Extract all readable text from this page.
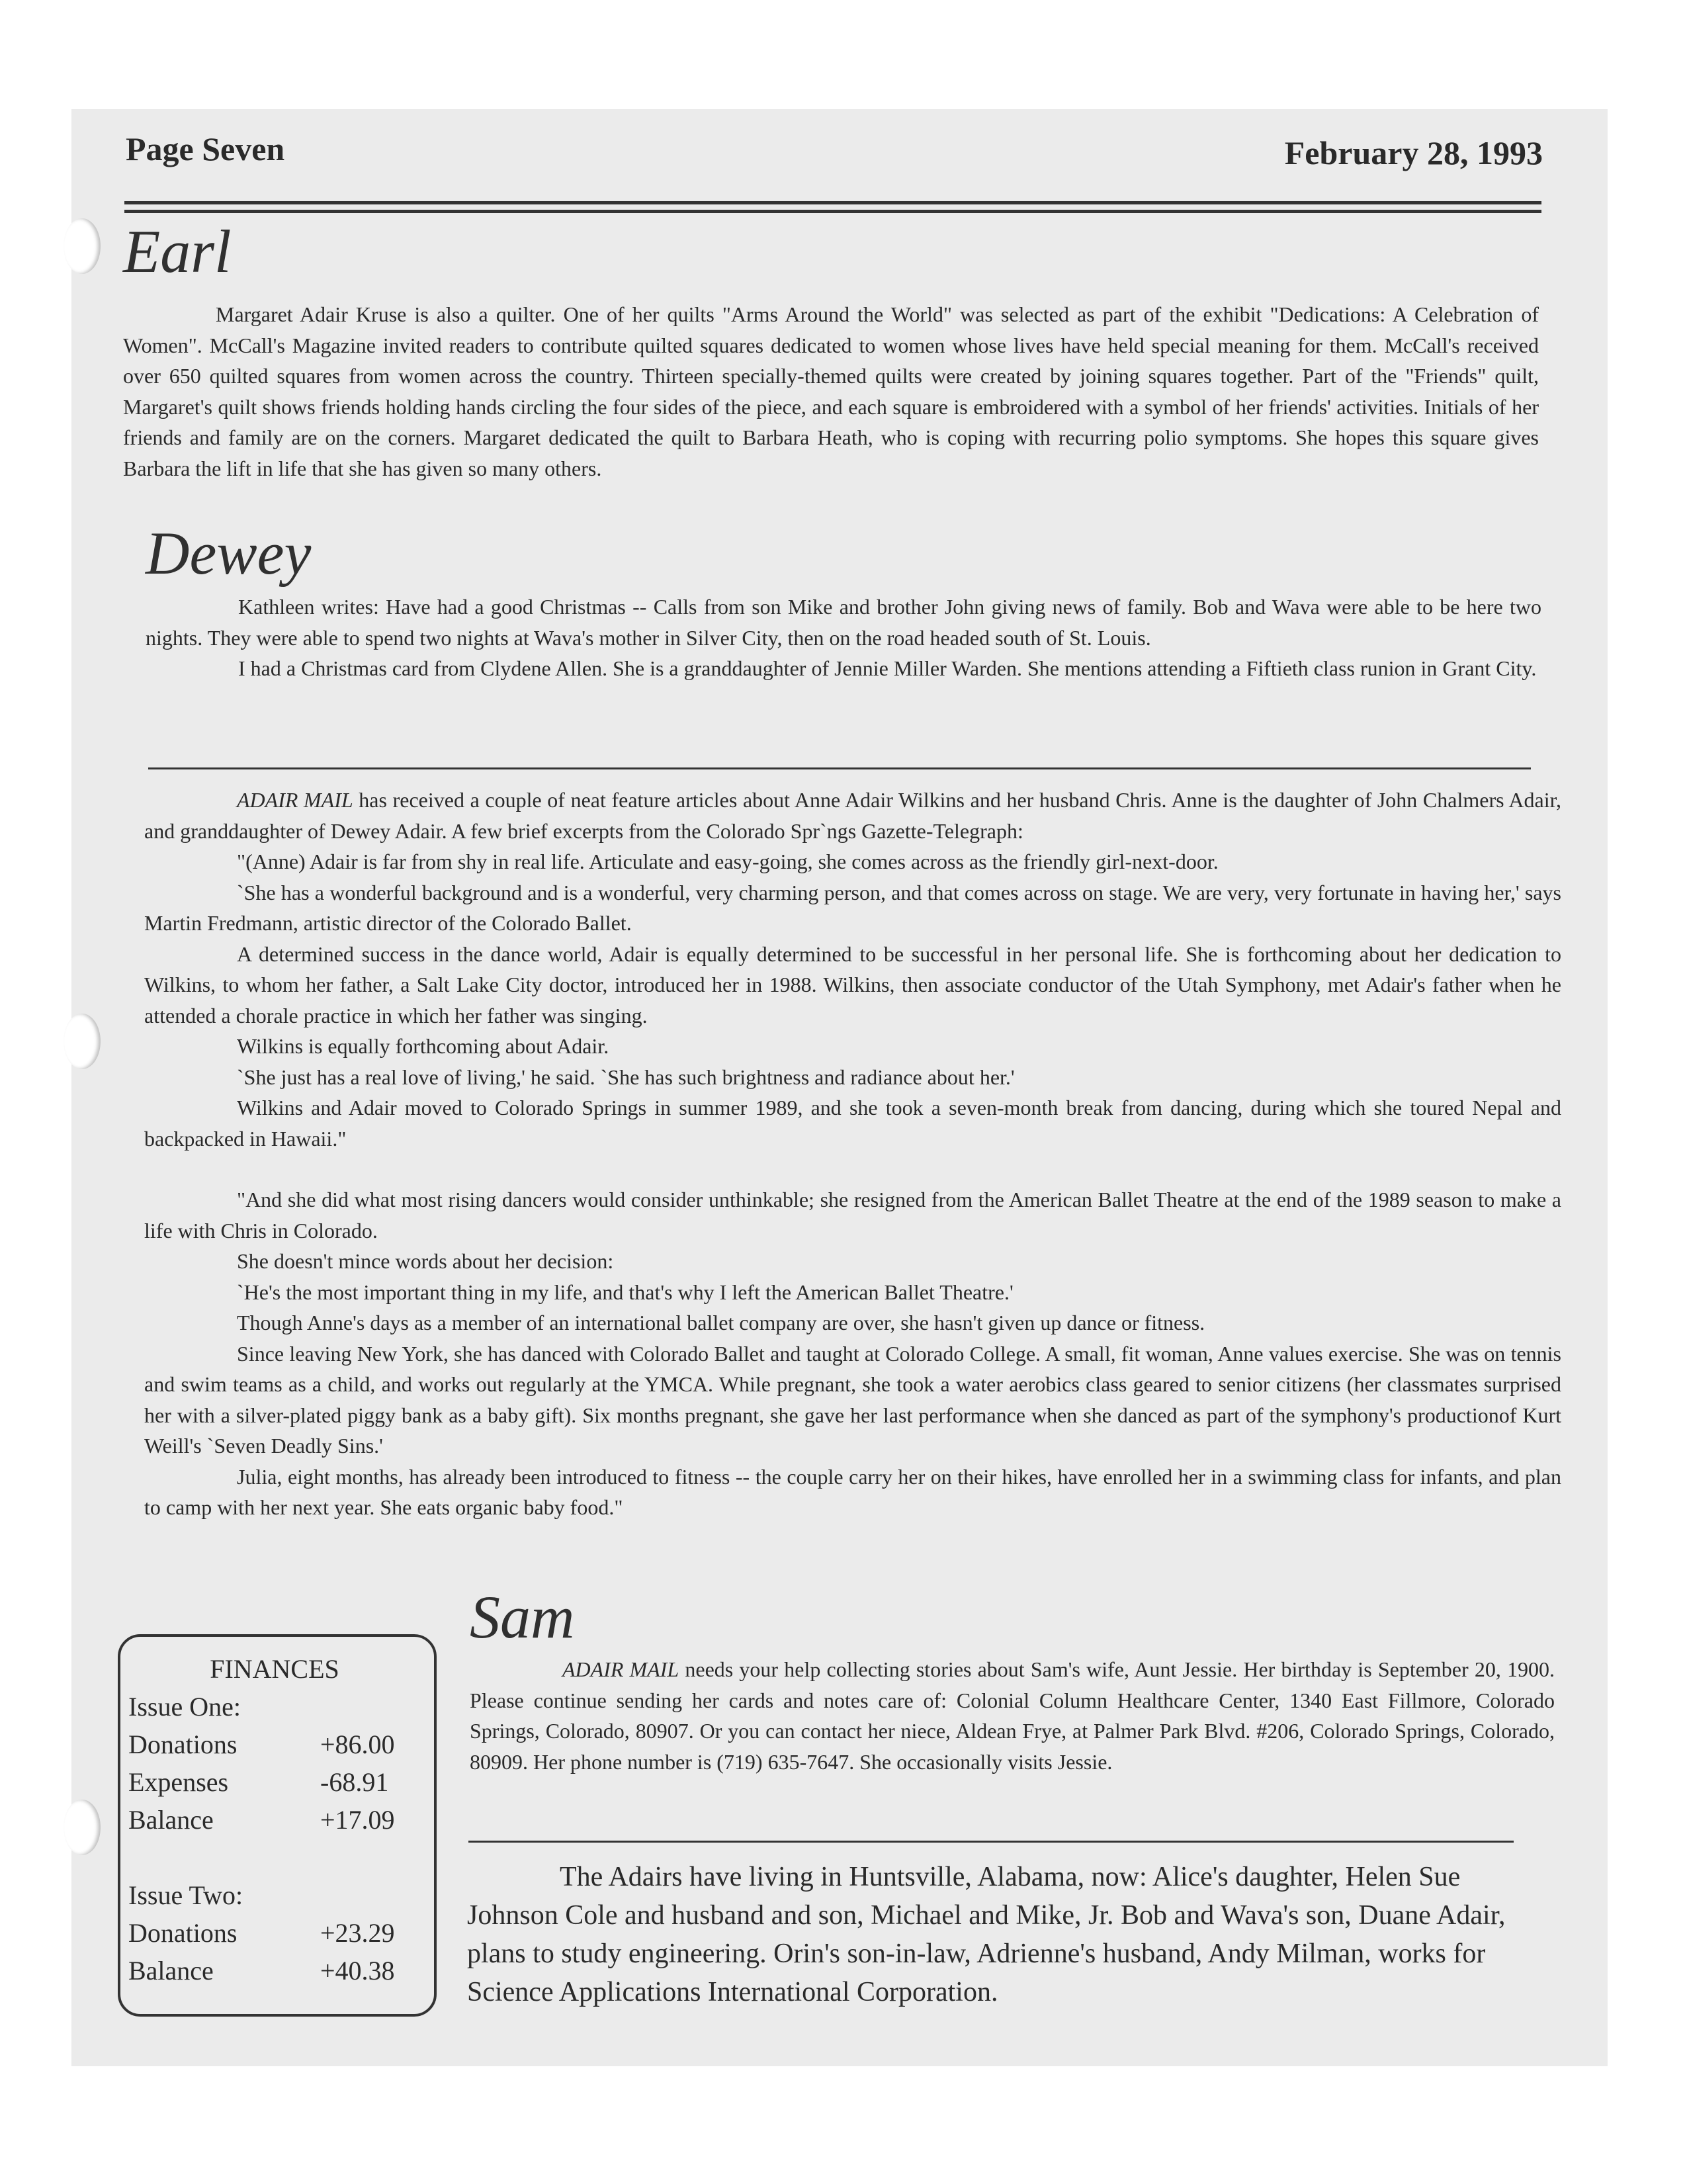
Page Seven	February 28, 1993
Earl

Margaret Adair Kruse is also a quilter. One of her quilts "Arms Around the World" was selected as part of the exhibit "Dedications: A Celebration of Women". McCall's Magazine invited readers to contribute quilted squares dedicated to women whose lives have held special meaning for them. McCall's received over 650 quilted squares from women across the country. Thirteen specially-themed quilts were created by joining squares together. Part of the "Friends" quilt, Margaret's quilt shows friends holding hands circling the four sides of the piece, and each square is embroidered with a symbol of her friends' activities. Initials of her friends and family are on the corners. Margaret dedicated the quilt to Barbara Heath, who is coping with recurring polio symptoms. She hopes this square gives Barbara the lift in life that she has given so many others.

Dewey

Kathleen writes: Have had a good Christmas -- Calls from son Mike and brother John giving news of family. Bob and Wava were able to be here two nights. They were able to spend two nights at Wava's mother in Silver City, then on the road headed south of St. Louis.

I had a Christmas card from Clydene Allen. She is a granddaughter of Jennie Miller Warden. She mentions attending a Fiftieth class runion in Grant City.

ADAIR MAIL has received a couple of neat feature articles about Anne Adair Wilkins and her husband Chris. Anne is the daughter of John Chalmers Adair, and granddaughter of Dewey Adair. A few brief excerpts from the Colorado Spr`ngs Gazette-Telegraph:

"(Anne) Adair is far from shy in real life. Articulate and easy-going, she comes across as the friendly girl-next-door.

`She has a wonderful background and is a wonderful, very charming person, and that comes across on stage. We are very, very fortunate in having her,' says Martin Fredmann, artistic director of the Colorado Ballet.

A determined success in the dance world, Adair is equally determined to be successful in her personal life. She is forthcoming about her dedication to Wilkins, to whom her father, a Salt Lake City doctor, introduced her in 1988. Wilkins, then associate conductor of the Utah Symphony, met Adair's father when he attended a chorale practice in which her father was singing.

Wilkins is equally forthcoming about Adair.

`She just has a real love of living,' he said. `She has such brightness and radiance about her.'

Wilkins and Adair moved to Colorado Springs in summer 1989, and she took a seven-month break from dancing, during which she toured Nepal and backpacked in Hawaii."

"And she did what most rising dancers would consider unthinkable; she resigned from the American Ballet Theatre at the end of the 1989 season to make a life with Chris in Colorado.

She doesn't mince words about her decision:

`He's the most important thing in my life, and that's why I left the American Ballet Theatre.'

Though Anne's days as a member of an international ballet company are over, she hasn't given up dance or fitness.

Since leaving New York, she has danced with Colorado Ballet and taught at Colorado College. A small, fit woman, Anne values exercise. She was on tennis and swim teams as a child, and works out regularly at the YMCA. While pregnant, she took a water aerobics class geared to senior citizens (her classmates surprised her with a silver-plated piggy bank as a baby gift). Six months pregnant, she gave her last performance when she danced as part of the symphony's productionof Kurt Weill's `Seven Deadly Sins.'

Julia, eight months, has already been introduced to fitness -- the couple carry her on their hikes, have enrolled her in a swimming class for infants, and plan to camp with her next year. She eats organic baby food."

FINANCES
Issue One:
Donations	+86.00
Expenses	-68.91
Balance	+17.09
Issue Two:
Donations	+23.29
Balance	+40.38
Sam

ADAIR MAIL needs your help collecting stories about Sam's wife, Aunt Jessie. Her birthday is September 20, 1900. Please continue sending her cards and notes care of: Colonial Column Healthcare Center, 1340 East Fillmore, Colorado Springs, Colorado, 80907. Or you can contact her niece, Aldean Frye, at Palmer Park Blvd. #206, Colorado Springs, Colorado, 80909. Her phone number is (719) 635-7647. She occasionally visits Jessie.

The Adairs have living in Huntsville, Alabama, now: Alice's daughter, Helen Sue Johnson Cole and husband and son, Michael and Mike, Jr. Bob and Wava's son, Duane Adair, plans to study engineering. Orin's son-in-law, Adrienne's husband, Andy Milman, works for Science Applications International Corporation.
